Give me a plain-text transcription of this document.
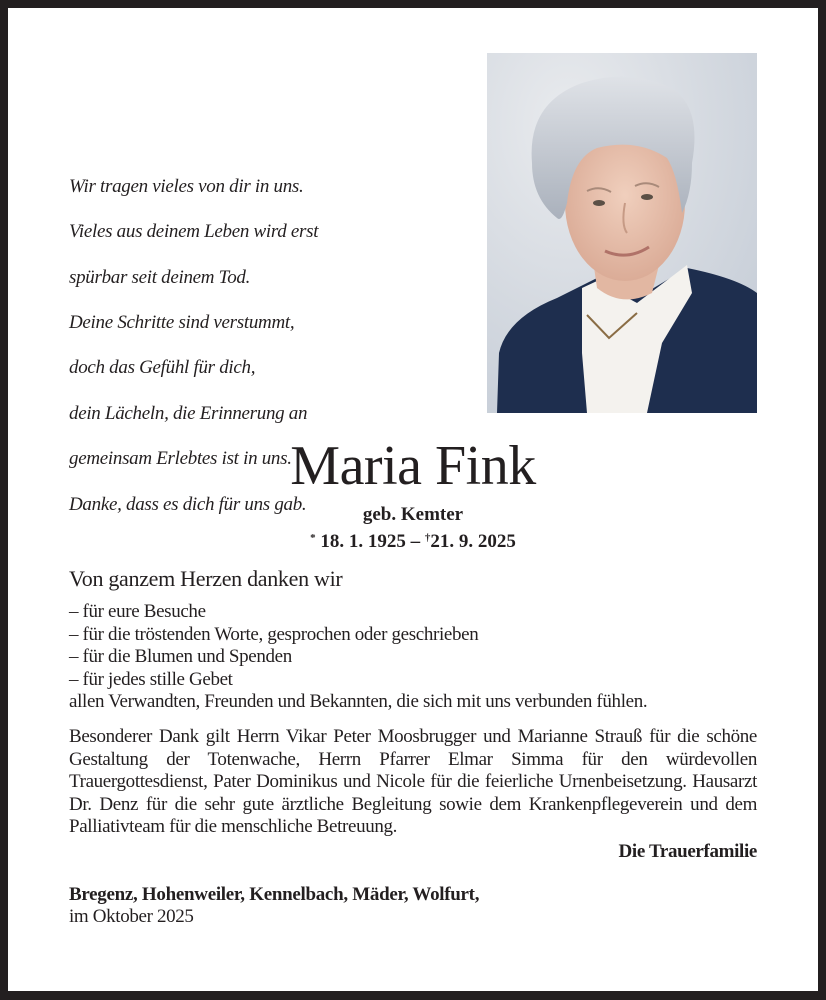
Wir tragen vieles von dir in uns.

Vieles aus deinem Leben wird erst

spürbar seit deinem Tod.

Deine Schritte sind verstummt,

doch das Gefühl für dich,

dein Lächeln, die Erinnerung an

gemeinsam Erlebtes ist in uns.

Danke, dass es dich für uns gab.

Maria Fink
geb. Kemter
* 18. 1. 1925 – †21. 9. 2025

Von ganzem Herzen danken wir

– für eure Besuche
– für die tröstenden Worte, gesprochen oder geschrieben
– für die Blumen und Spenden
– für jedes stille Gebet

allen Verwandten, Freunden und Bekannten, die sich mit uns verbunden fühlen.

Besonderer Dank gilt Herrn Vikar Peter Moosbrugger und Marianne Strauß für die schöne Gestaltung der Totenwache, Herrn Pfarrer Elmar Simma für den würdevollen Trauergottesdienst, Pater Dominikus und Nicole für die feierliche Urnenbeisetzung. Hausarzt Dr. Denz für die sehr gute ärztliche Begleitung sowie dem Krankenpflegeverein und dem Palliativteam für die menschliche Betreuung.

Die Trauerfamilie

Bregenz, Hohenweiler, Kennelbach, Mäder, Wolfurt,

im Oktober 2025
